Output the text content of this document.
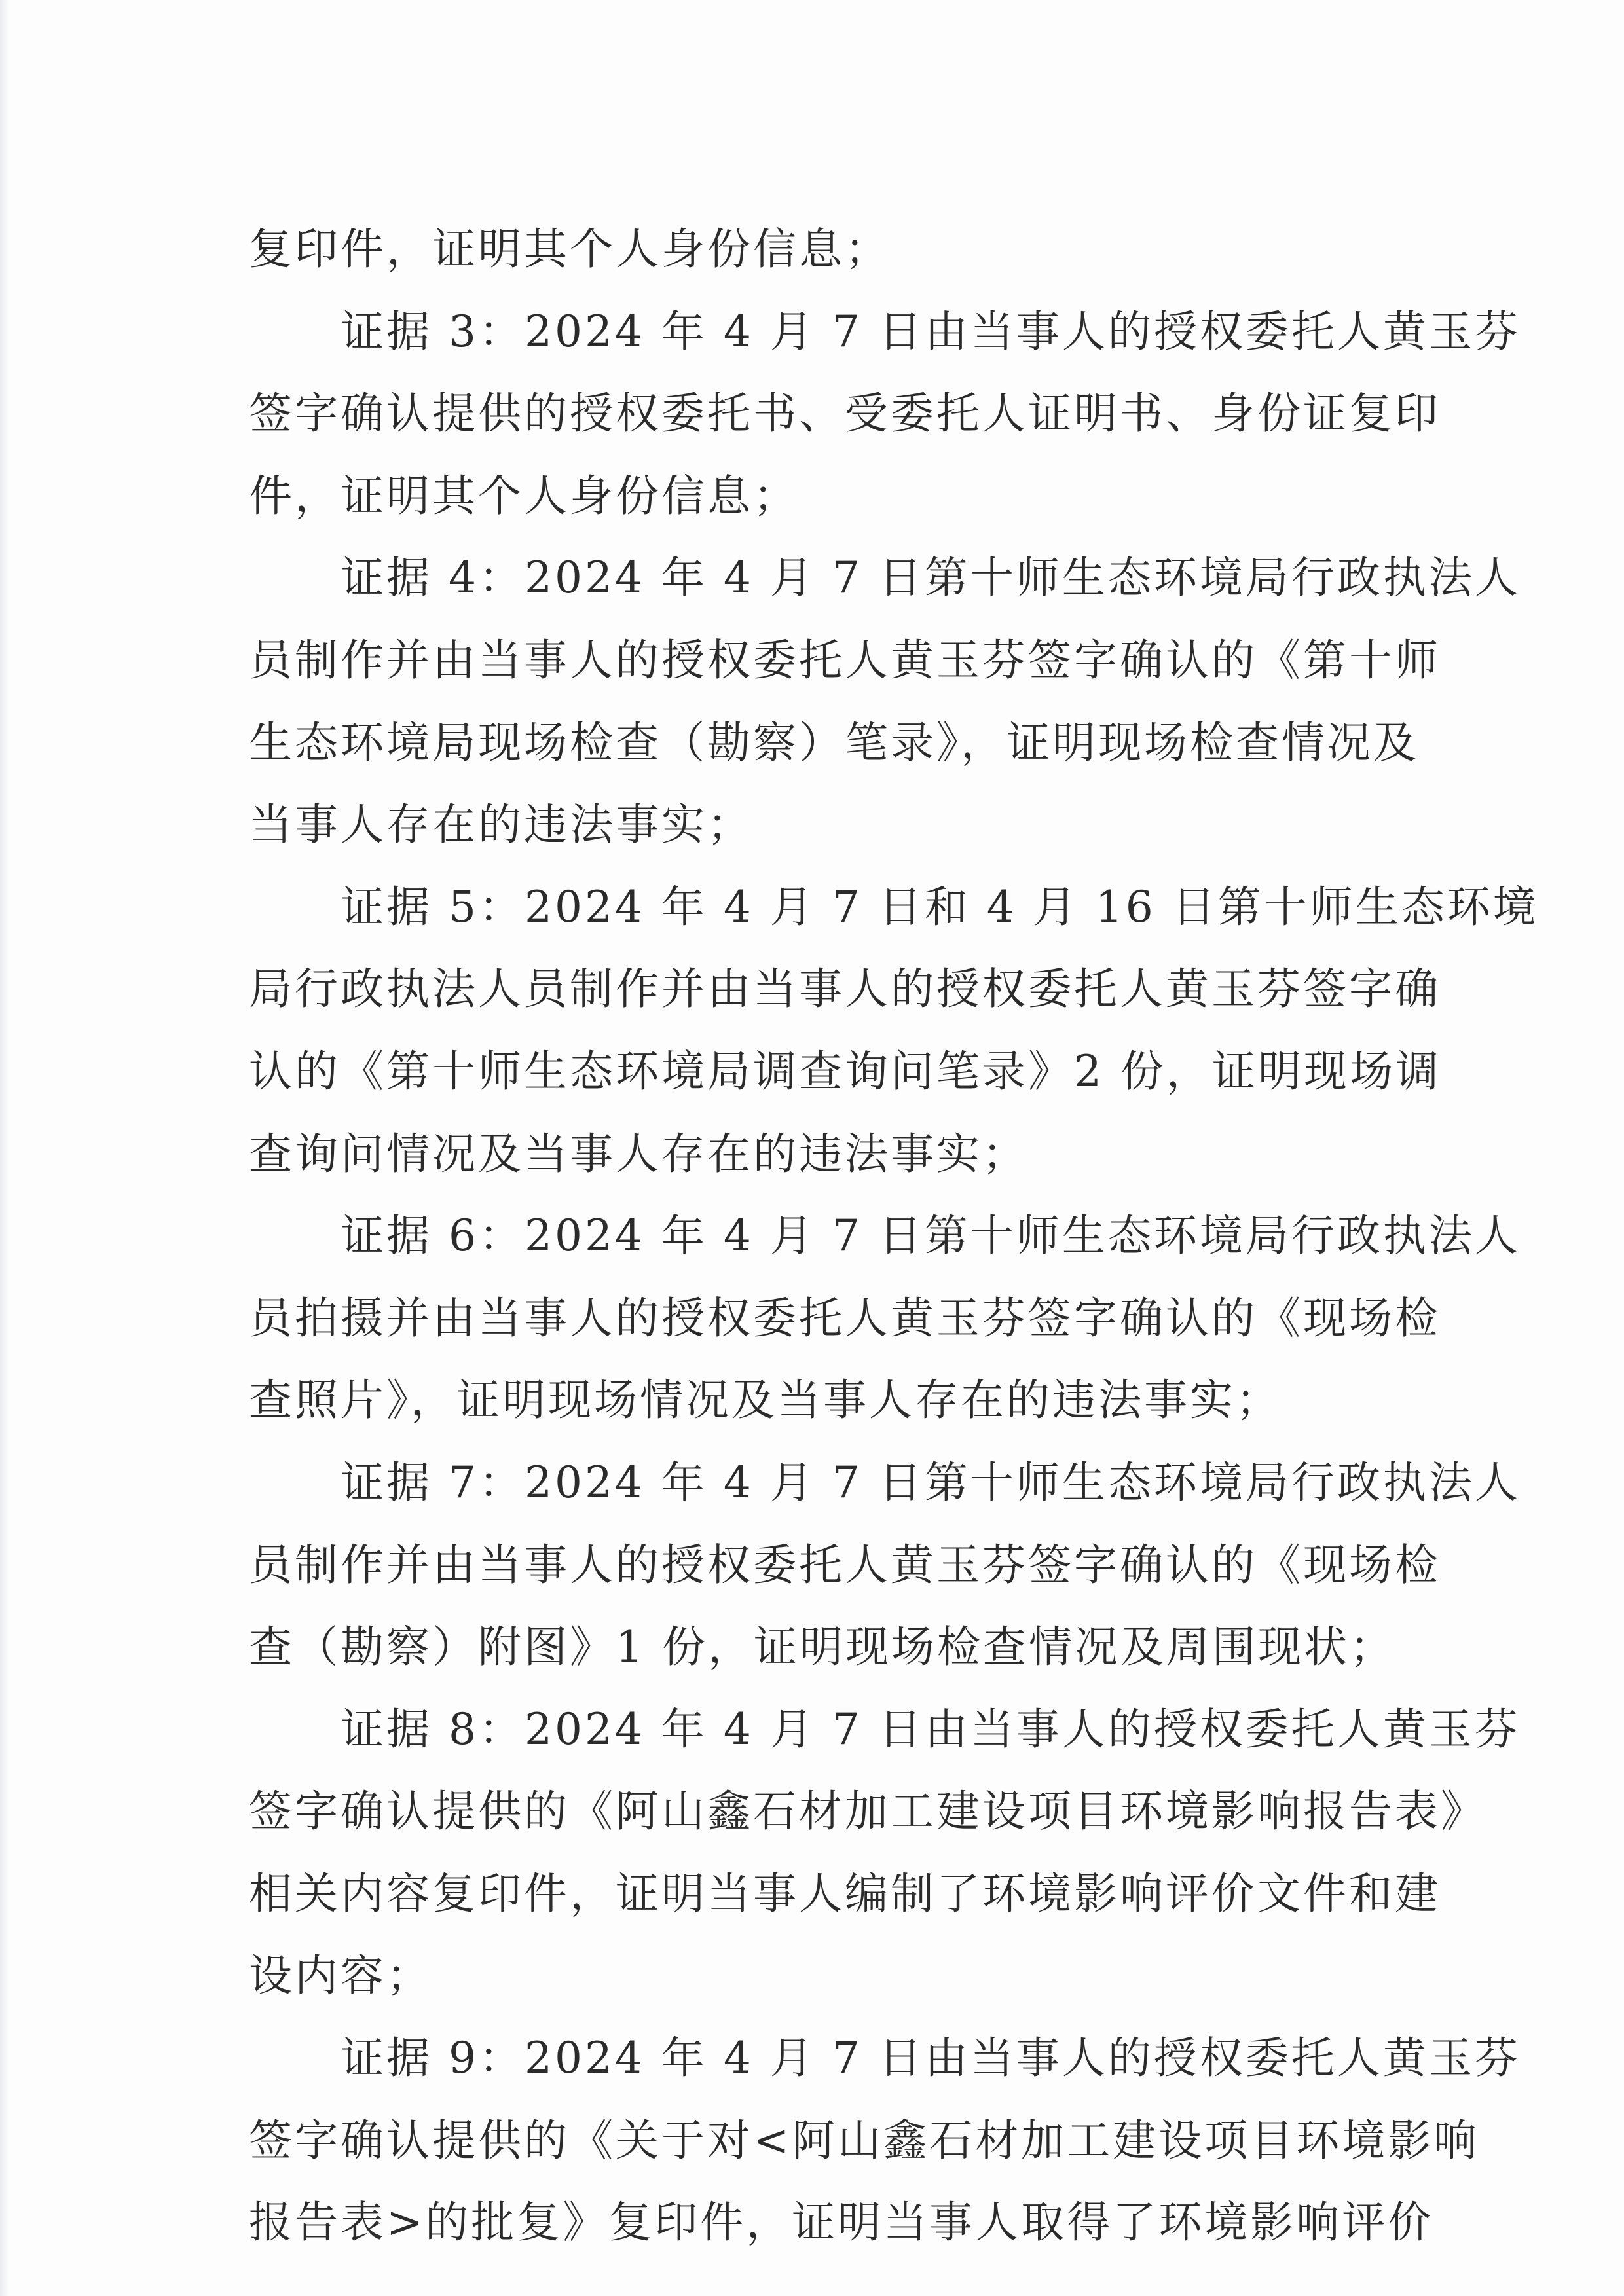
复印件，证明其个人身份信息；
证据 3：2024 年 4 月 7 日由当事人的授权委托人黄玉芬
签字确认提供的授权委托书、受委托人证明书、身份证复印
件，证明其个人身份信息；
证据 4：2024 年 4 月 7 日第十师生态环境局行政执法人
员制作并由当事人的授权委托人黄玉芬签字确认的《第十师
生态环境局现场检查（勘察）笔录》，证明现场检查情况及
当事人存在的违法事实；
证据 5：2024 年 4 月 7 日和 4 月 16 日第十师生态环境
局行政执法人员制作并由当事人的授权委托人黄玉芬签字确
认的《第十师生态环境局调查询问笔录》2 份，证明现场调
查询问情况及当事人存在的违法事实；
证据 6：2024 年 4 月 7 日第十师生态环境局行政执法人
员拍摄并由当事人的授权委托人黄玉芬签字确认的《现场检
查照片》，证明现场情况及当事人存在的违法事实；
证据 7：2024 年 4 月 7 日第十师生态环境局行政执法人
员制作并由当事人的授权委托人黄玉芬签字确认的《现场检
查（勘察）附图》1 份，证明现场检查情况及周围现状；
证据 8：2024 年 4 月 7 日由当事人的授权委托人黄玉芬
签字确认提供的《阿山鑫石材加工建设项目环境影响报告表》
相关内容复印件，证明当事人编制了环境影响评价文件和建
设内容；
证据 9：2024 年 4 月 7 日由当事人的授权委托人黄玉芬
签字确认提供的《关于对<阿山鑫石材加工建设项目环境影响
报告表>的批复》复印件，证明当事人取得了环境影响评价
